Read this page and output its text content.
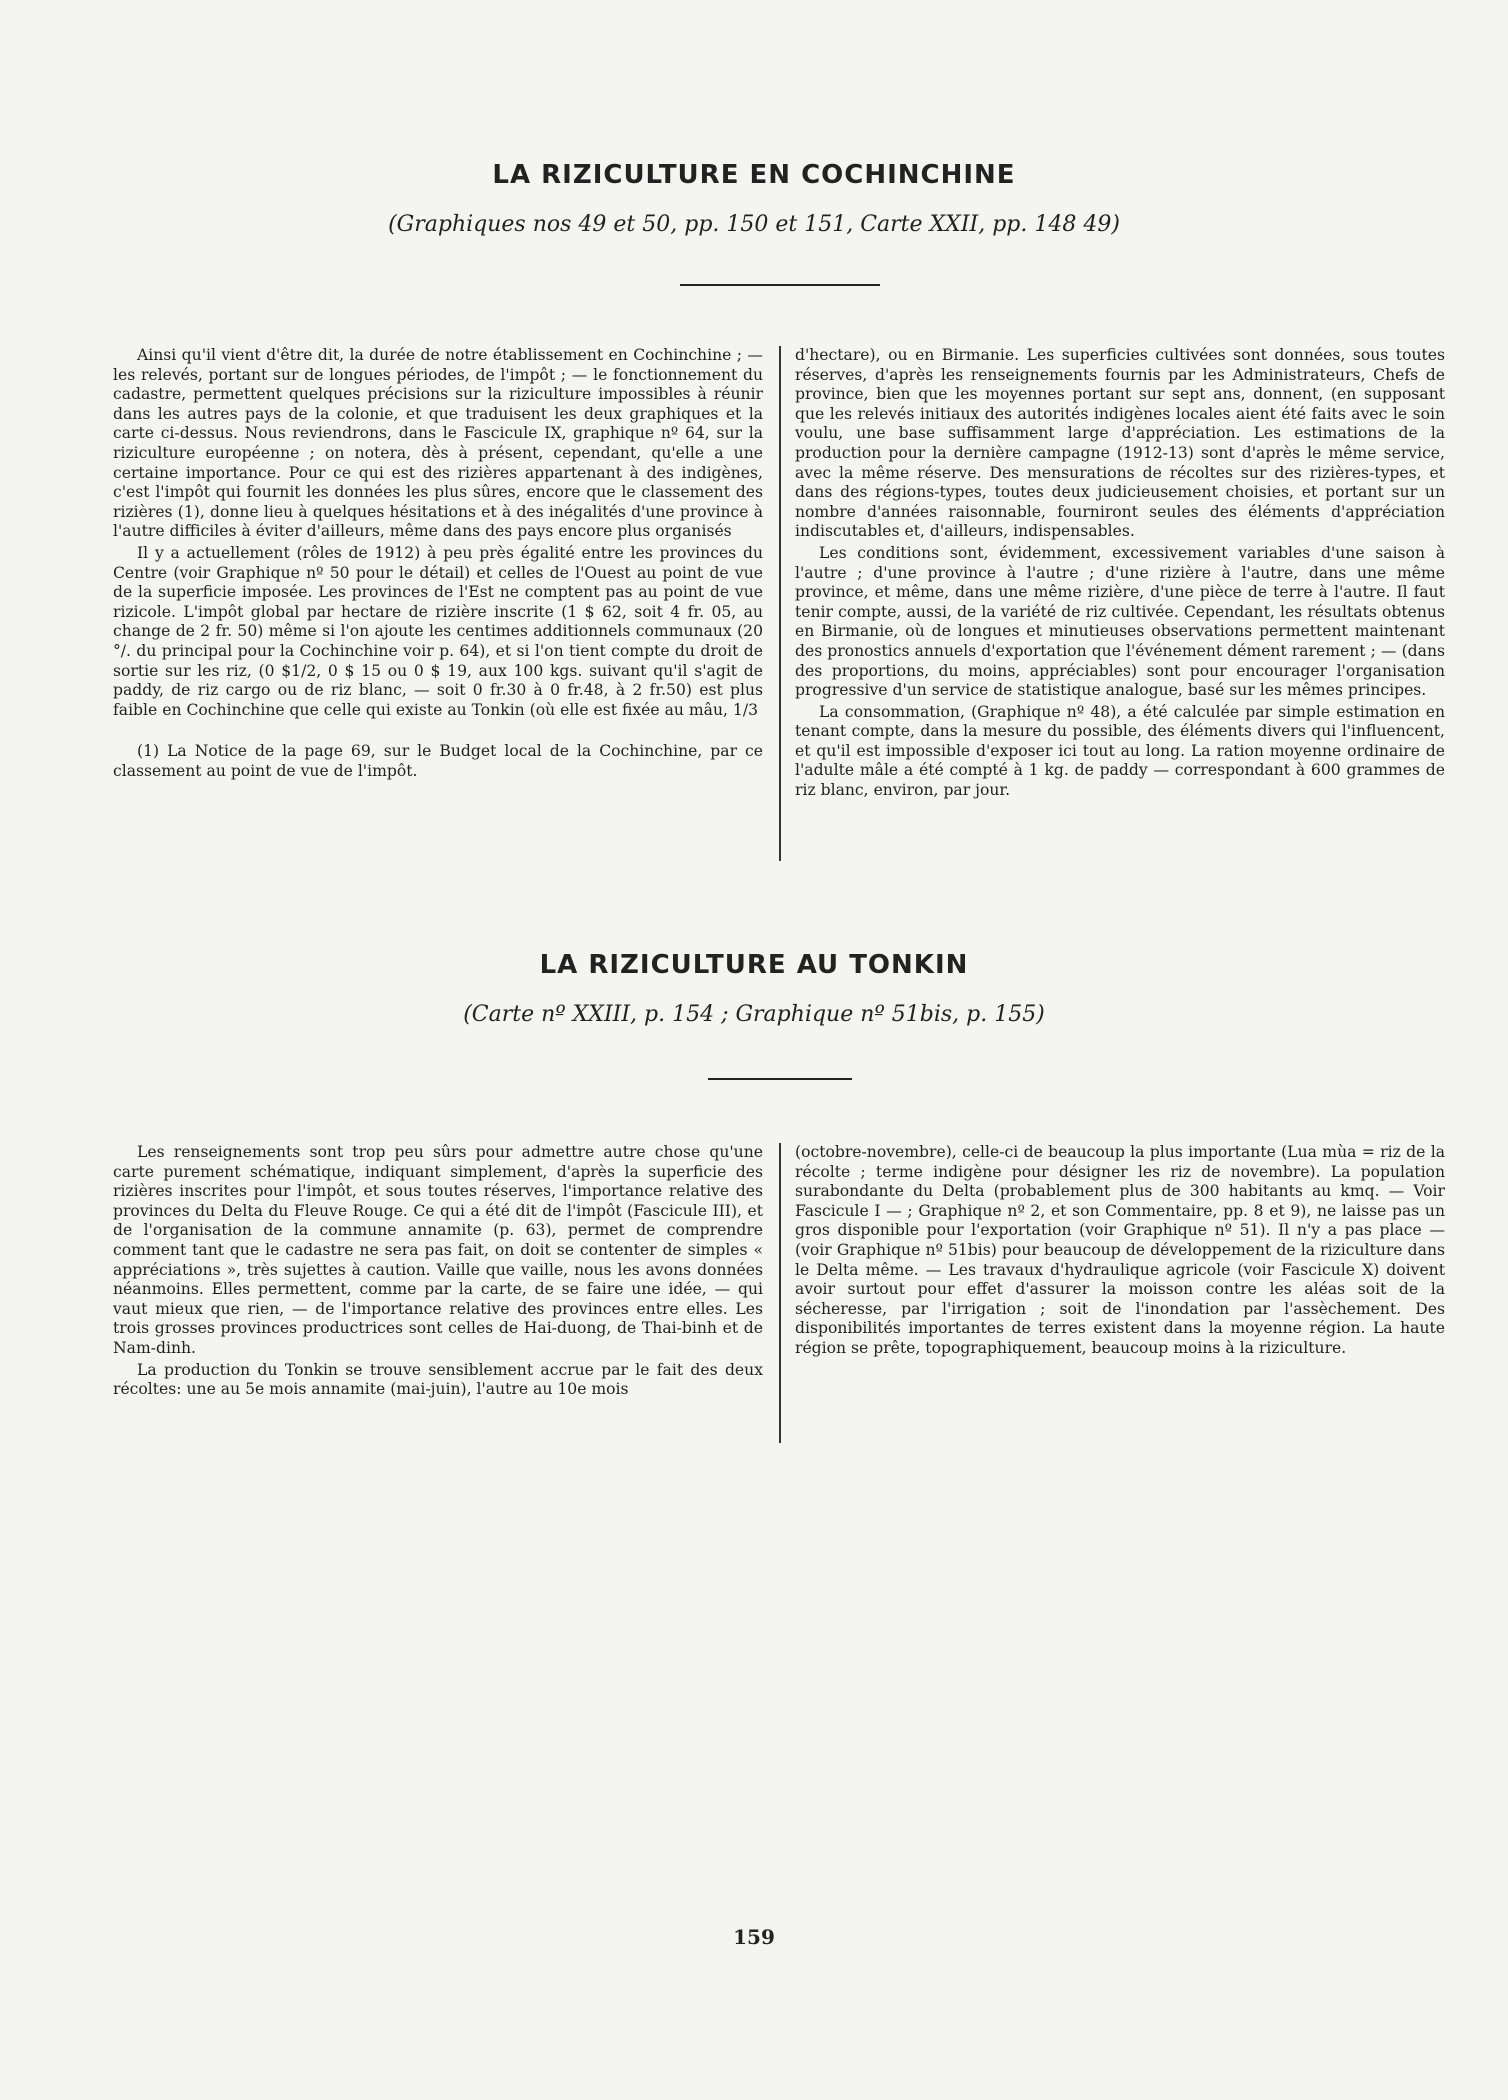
LA RIZICULTURE EN COCHINCHINE
(Graphiques nos 49 et 50, pp. 150 et 151, Carte XXII, pp. 148 49)

Ainsi qu'il vient d'être dit, la durée de notre établissement en Cochinchine ; — les relevés, portant sur de longues périodes, de l'impôt ; — le fonctionnement du cadastre, permettent quelques précisions sur la riziculture impossibles à réunir dans les autres pays de la colonie, et que traduisent les deux graphiques et la carte ci-dessus. Nous reviendrons, dans le Fascicule IX, graphique nº 64, sur la riziculture européenne ; on notera, dès à présent, cependant, qu'elle a une certaine importance. Pour ce qui est des rizières appartenant à des indigènes, c'est l'impôt qui fournit les données les plus sûres, encore que le classement des rizières (1), donne lieu à quelques hésitations et à des inégalités d'une province à l'autre difficiles à éviter d'ailleurs, même dans des pays encore plus organisés

Il y a actuellement (rôles de 1912) à peu près égalité entre les provinces du Centre (voir Graphique nº 50 pour le détail) et celles de l'Ouest au point de vue de la superficie imposée. Les provinces de l'Est ne comptent pas au point de vue rizicole. L'impôt global par hectare de rizière inscrite (1 $ 62, soit 4 fr. 05, au change de 2 fr. 50) même si l'on ajoute les centimes additionnels communaux (20 °/. du principal pour la Cochinchine voir p. 64), et si l'on tient compte du droit de sortie sur les riz, (0 $1/2, 0 $ 15 ou 0 $ 19, aux 100 kgs. suivant qu'il s'agit de paddy, de riz cargo ou de riz blanc, — soit 0 fr.30 à 0 fr.48, à 2 fr.50) est plus faible en Cochinchine que celle qui existe au Tonkin (où elle est fixée au mâu, 1/3

(1) La Notice de la page 69, sur le Budget local de la Cochinchine, par ce classement au point de vue de l'impôt.

d'hectare), ou en Birmanie. Les superficies cultivées sont données, sous toutes réserves, d'après les renseignements fournis par les Administrateurs, Chefs de province, bien que les moyennes portant sur sept ans, donnent, (en supposant que les relevés initiaux des autorités indigènes locales aient été faits avec le soin voulu, une base suffisamment large d'appréciation. Les estimations de la production pour la dernière campagne (1912-13) sont d'après le même service, avec la même réserve. Des mensurations de récoltes sur des rizières-types, et dans des régions-types, toutes deux judicieusement choisies, et portant sur un nombre d'années raisonnable, fourniront seules des éléments d'appréciation indiscutables et, d'ailleurs, indispensables.

Les conditions sont, évidemment, excessivement variables d'une saison à l'autre ; d'une province à l'autre ; d'une rizière à l'autre, dans une même province, et même, dans une même rizière, d'une pièce de terre à l'autre. Il faut tenir compte, aussi, de la variété de riz cultivée. Cependant, les résultats obtenus en Birmanie, où de longues et minutieuses observations permettent maintenant des pronostics annuels d'exportation que l'événement dément rarement ; — (dans des proportions, du moins, appréciables) sont pour encourager l'organisation progressive d'un service de statistique analogue, basé sur les mêmes principes.

La consommation, (Graphique nº 48), a été calculée par simple estimation en tenant compte, dans la mesure du possible, des éléments divers qui l'influencent, et qu'il est impossible d'exposer ici tout au long. La ration moyenne ordinaire de l'adulte mâle a été compté à 1 kg. de paddy — correspondant à 600 grammes de riz blanc, environ, par jour.

LA RIZICULTURE AU TONKIN
(Carte nº XXIII, p. 154 ; Graphique nº 51bis, p. 155)

Les renseignements sont trop peu sûrs pour admettre autre chose qu'une carte purement schématique, indiquant simplement, d'après la superficie des rizières inscrites pour l'impôt, et sous toutes réserves, l'importance relative des provinces du Delta du Fleuve Rouge. Ce qui a été dit de l'impôt (Fascicule III), et de l'organisation de la commune annamite (p. 63), permet de comprendre comment tant que le cadastre ne sera pas fait, on doit se contenter de simples « appréciations », très sujettes à caution. Vaille que vaille, nous les avons données néanmoins. Elles permettent, comme par la carte, de se faire une idée, — qui vaut mieux que rien, — de l'importance relative des provinces entre elles. Les trois grosses provinces productrices sont celles de Hai-duong, de Thai-binh et de Nam-dinh.

La production du Tonkin se trouve sensiblement accrue par le fait des deux récoltes: une au 5e mois annamite (mai-juin), l'autre au 10e mois

(octobre-novembre), celle-ci de beaucoup la plus importante (Lua mùa = riz de la récolte ; terme indigène pour désigner les riz de novembre). La population surabondante du Delta (probablement plus de 300 habitants au kmq. — Voir Fascicule I — ; Graphique nº 2, et son Commentaire, pp. 8 et 9), ne laisse pas un gros disponible pour l'exportation (voir Graphique nº 51). Il n'y a pas place — (voir Graphique nº 51bis) pour beaucoup de développement de la riziculture dans le Delta même. — Les travaux d'hydraulique agricole (voir Fascicule X) doivent avoir surtout pour effet d'assurer la moisson contre les aléas soit de la sécheresse, par l'irrigation ; soit de l'inondation par l'assèchement. Des disponibilités importantes de terres existent dans la moyenne région. La haute région se prête, topographiquement, beaucoup moins à la riziculture.

159
